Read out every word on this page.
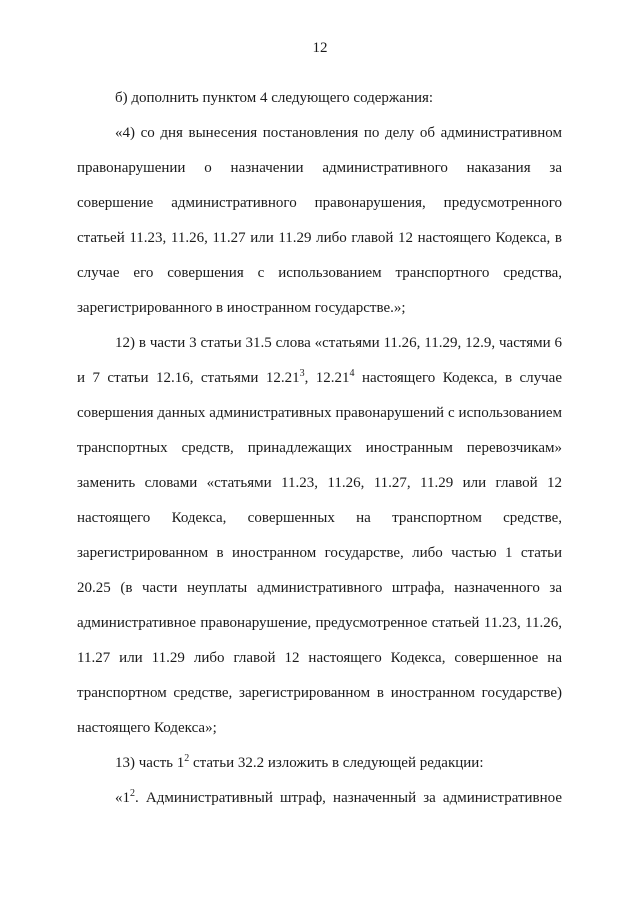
12
б) дополнить пунктом 4 следующего содержания:
«4) со дня вынесения постановления по делу об административном
правонарушении о назначении административного наказания за
совершение административного правонарушения, предусмотренного
статьей 11.23, 11.26, 11.27 или 11.29 либо главой 12 настоящего Кодекса, в
случае его совершения с использованием транспортного средства,
зарегистрированного в иностранном государстве.»;
12) в части 3 статьи 31.5 слова «статьями 11.26, 11.29, 12.9, частями 6
и 7 статьи 12.16, статьями 12.21$^3$, 12.21$^4$ настоящего Кодекса, в случае
совершения данных административных правонарушений с использованием
транспортных средств, принадлежащих иностранным перевозчикам»
заменить словами «статьями 11.23, 11.26, 11.27, 11.29 или главой 12
настоящего Кодекса, совершенных на транспортном средстве,
зарегистрированном в иностранном государстве, либо частью 1 статьи
20.25 (в части неуплаты административного штрафа, назначенного за
административное правонарушение, предусмотренное статьей 11.23, 11.26,
11.27 или 11.29 либо главой 12 настоящего Кодекса, совершенное на
транспортном средстве, зарегистрированном в иностранном государстве)
настоящего Кодекса»;
13) часть $1^2$ статьи 32.2 изложить в следующей редакции:
«$1^2$. Административный штраф, назначенный за административное
